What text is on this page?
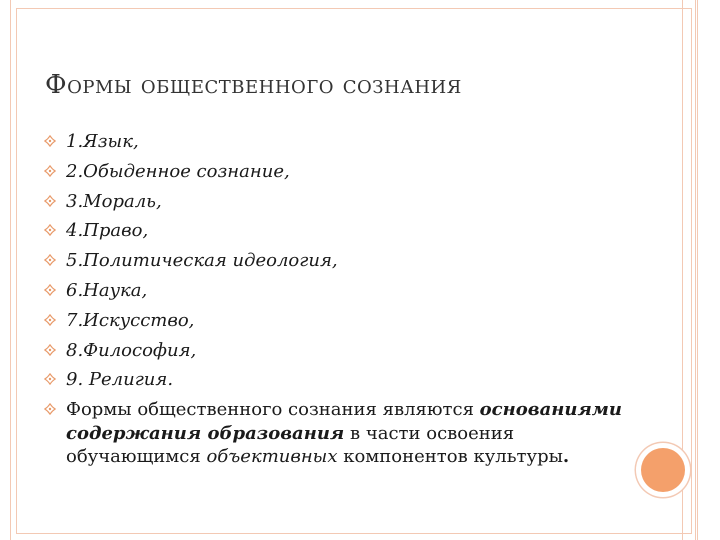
Формы общественного сознания
1.Язык,
2.Обыденное сознание,
3.Мораль,
4.Право,
5.Политическая идеология,
6.Наука,
7.Искусство,
8.Философия,
9. Религия.
Формы общественного сознания являются основаниями содержания образования в части освоения обучающимся объективных компонентов культуры.
